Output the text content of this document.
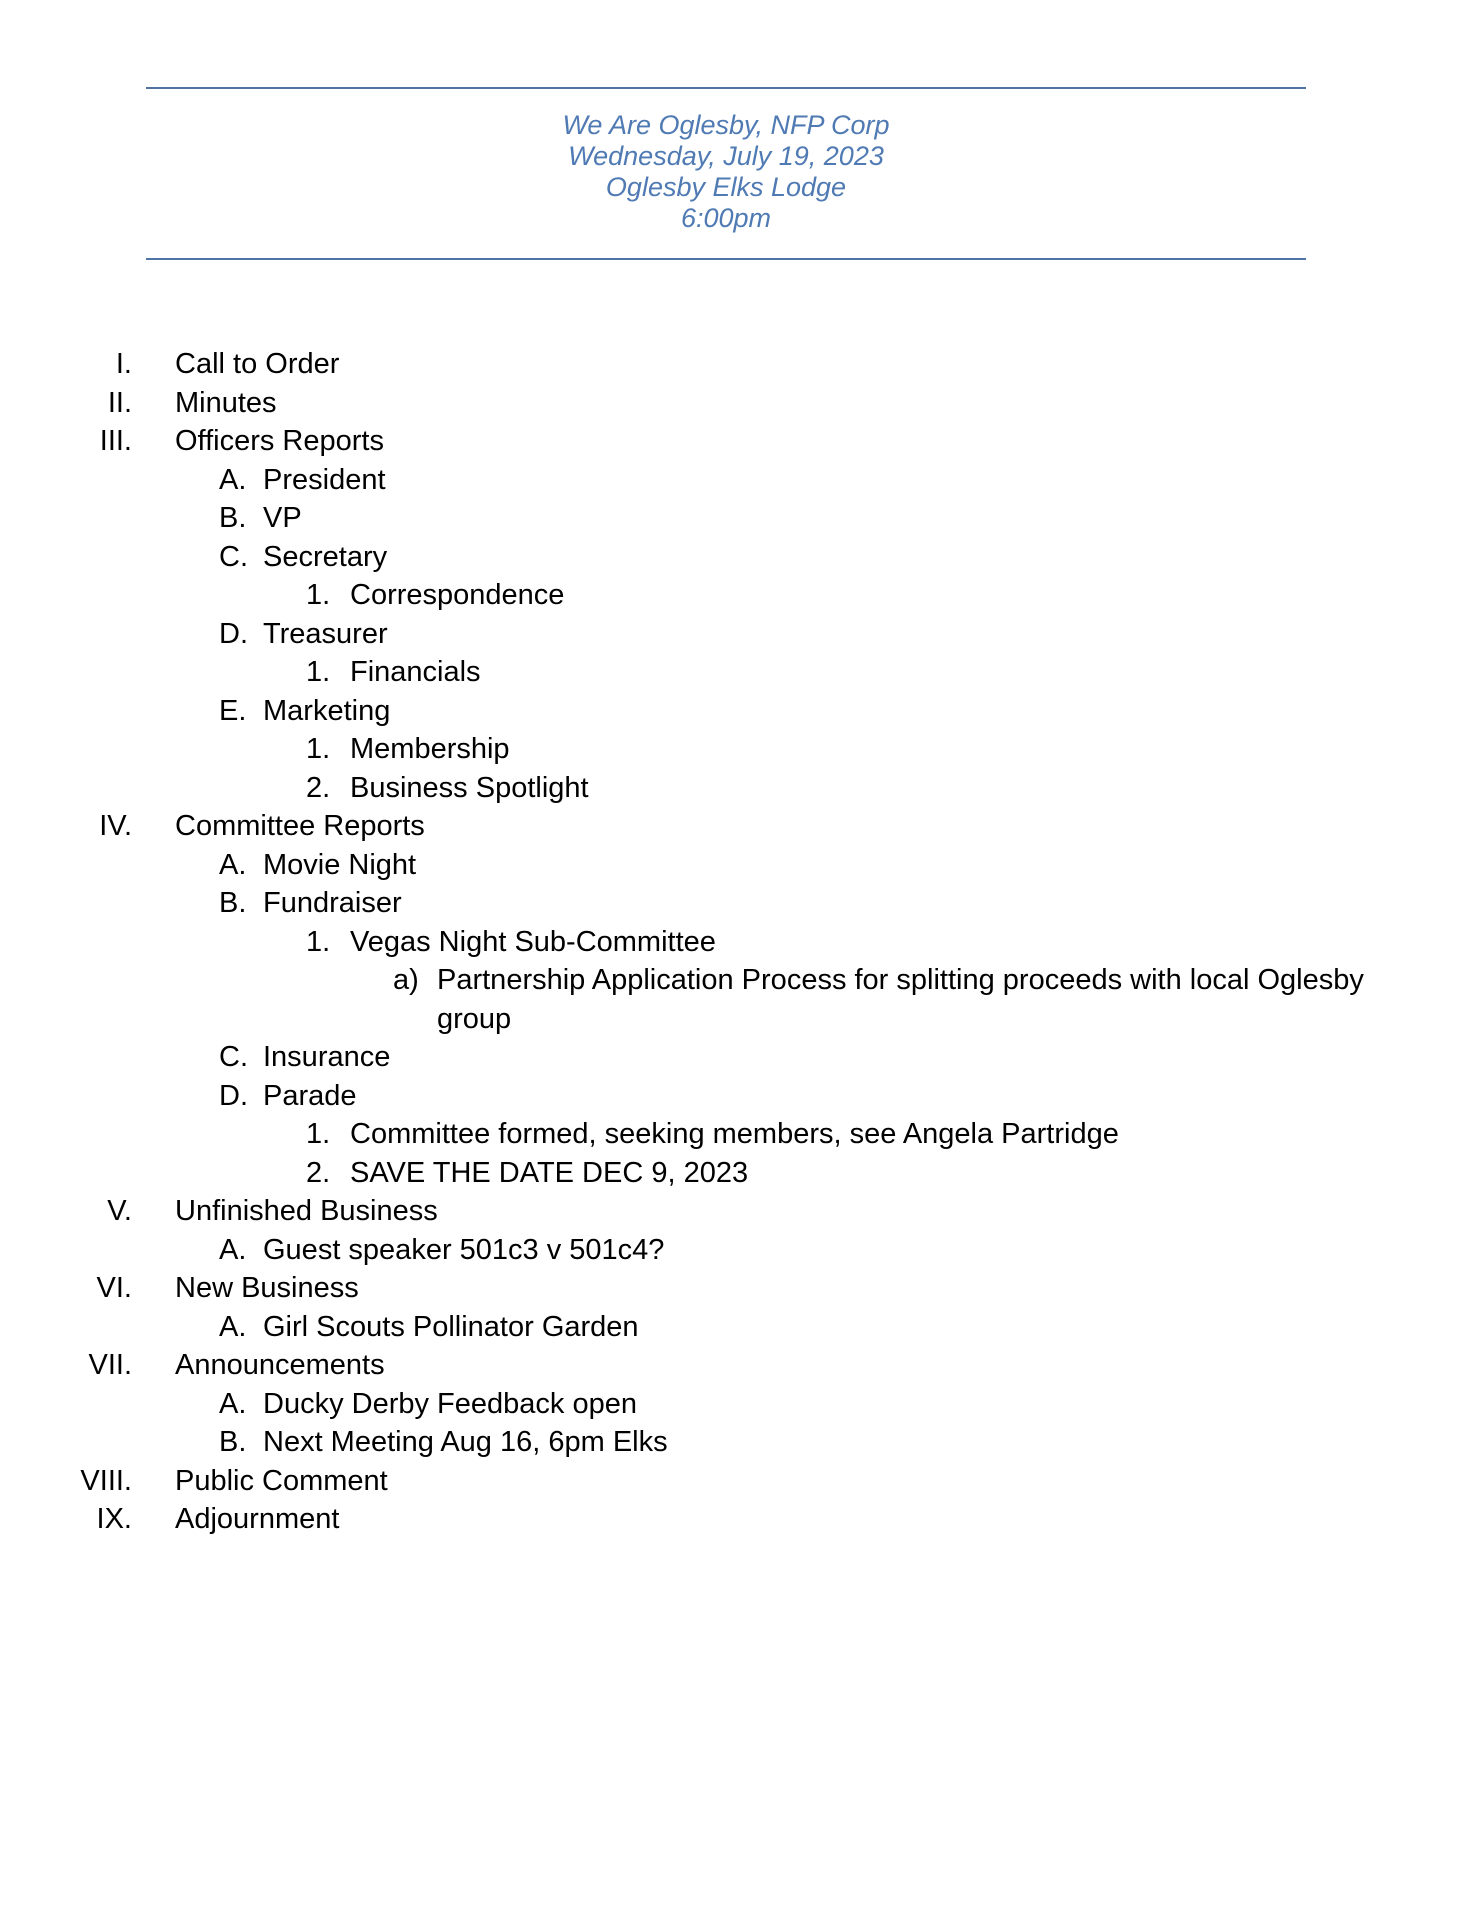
We Are Oglesby, NFP Corp
Wednesday, July 19, 2023
Oglesby Elks Lodge
6:00pm
I. Call to Order
II. Minutes
III. Officers Reports
A. President
B. VP
C. Secretary
1. Correspondence
D. Treasurer
1. Financials
E. Marketing
1. Membership
2. Business Spotlight
IV. Committee Reports
A. Movie Night
B. Fundraiser
1. Vegas Night Sub-Committee
a) Partnership Application Process for splitting proceeds with local Oglesby
group
C. Insurance
D. Parade
1. Committee formed, seeking members, see Angela Partridge
2. SAVE THE DATE DEC 9, 2023
V. Unfinished Business
A. Guest speaker 501c3 v 501c4?
VI. New Business
A. Girl Scouts Pollinator Garden
VII. Announcements
A. Ducky Derby Feedback open
B. Next Meeting Aug 16, 6pm Elks
VIII. Public Comment
IX. Adjournment
